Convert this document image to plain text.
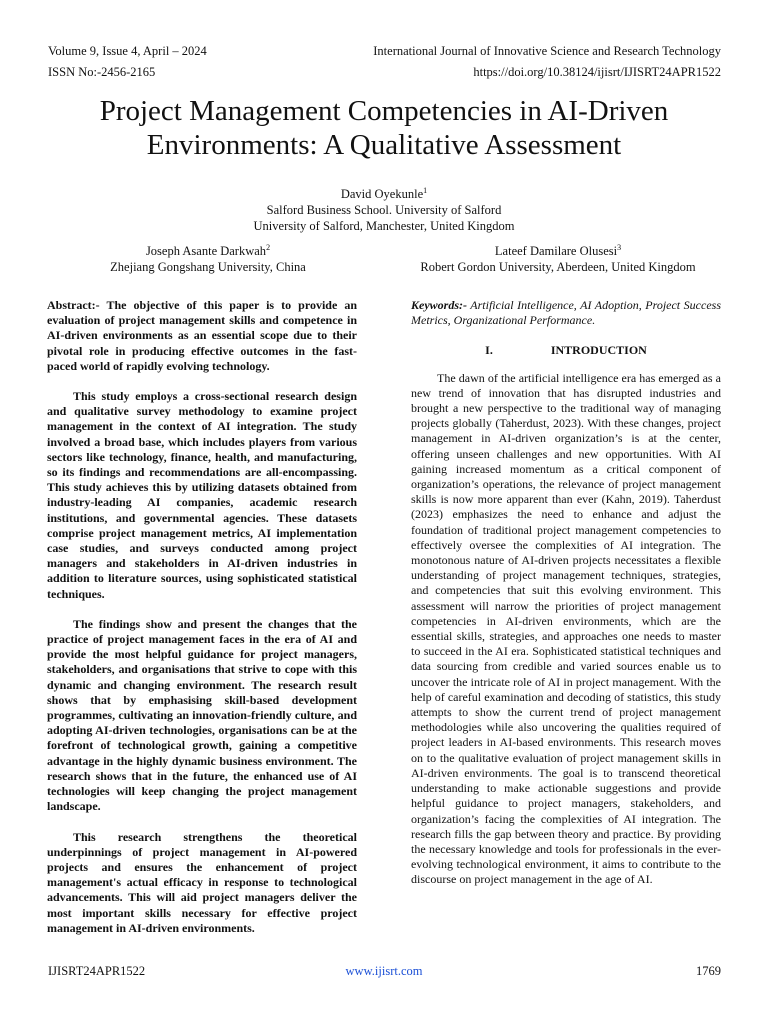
Volume 9, Issue 4, April – 2024
ISSN No:-2456-2165
International Journal of Innovative Science and Research Technology
https://doi.org/10.38124/ijisrt/IJISRT24APR1522
Project Management Competencies in AI-Driven
Environments: A Qualitative Assessment
David Oyekunle$^1$
Salford Business School. University of Salford
University of Salford, Manchester, United Kingdom
Joseph Asante Darkwah$^2$
Zhejiang Gongshang University, China
Lateef Damilare Olusesi$^3$
Robert Gordon University, Aberdeen, United Kingdom

Abstract:- The objective of this paper is to provide an evaluation of project management skills and competence in AI-driven environments as an essential scope due to their pivotal role in producing effective outcomes in the fast-paced world of rapidly evolving technology.

This study employs a cross-sectional research design and qualitative survey methodology to examine project management in the context of AI integration. The study involved a broad base, which includes players from various sectors like technology, finance, health, and manufacturing, so its findings and recommendations are all-encompassing. This study achieves this by utilizing datasets obtained from industry-leading AI companies, academic research institutions, and governmental agencies. These datasets comprise project management metrics, AI implementation case studies, and surveys conducted among project managers and stakeholders in AI-driven industries in addition to literature sources, using sophisticated statistical techniques.

The findings show and present the changes that the practice of project management faces in the era of AI and provide the most helpful guidance for project managers, stakeholders, and organisations that strive to cope with this dynamic and changing environment. The research result shows that by emphasising skill-based development programmes, cultivating an innovation-friendly culture, and adopting AI-driven technologies, organisations can be at the forefront of technological growth, gaining a competitive advantage in the highly dynamic business environment. The research shows that in the future, the enhanced use of AI technologies will keep changing the project management landscape.

This research strengthens the theoretical underpinnings of project management in AI-powered projects and ensures the enhancement of project management's actual efficacy in response to technological advancements. This will aid project managers deliver the most important skills necessary for effective project management in AI-driven environments.

Keywords:- Artificial Intelligence, AI Adoption, Project Success Metrics, Organizational Performance.

I.	INTRODUCTION

The dawn of the artificial intelligence era has emerged as a new trend of innovation that has disrupted industries and brought a new perspective to the traditional way of managing projects globally (Taherdust, 2023). With these changes, project management in AI-driven organization’s is at the center, offering unseen challenges and new opportunities. With AI gaining increased momentum as a critical component of organization’s operations, the relevance of project management skills is now more apparent than ever (Kahn, 2019). Taherdust (2023) emphasizes the need to enhance and adjust the foundation of traditional project management competencies to effectively oversee the complexities of AI integration. The monotonous nature of AI-driven projects necessitates a flexible understanding of project management techniques, strategies, and competencies that suit this evolving environment. This assessment will narrow the priorities of project management competencies in AI-driven environments, which are the essential skills, strategies, and approaches one needs to master to succeed in the AI era. Sophisticated statistical techniques and data sourcing from credible and varied sources enable us to uncover the intricate role of AI in project management. With the help of careful examination and decoding of statistics, this study attempts to show the current trend of project management methodologies while also uncovering the qualities required of project leaders in AI-based environments. This research moves on to the qualitative evaluation of project management skills in AI-driven environments. The goal is to transcend theoretical understanding to make actionable suggestions and provide helpful guidance to project managers, stakeholders, and organization’s facing the complexities of AI integration. The research fills the gap between theory and practice. By providing the necessary knowledge and tools for professionals in the ever-evolving technological environment, it aims to contribute to the discourse on project management in the age of AI.

IJISRT24APR1522	www.ijisrt.com	1769
